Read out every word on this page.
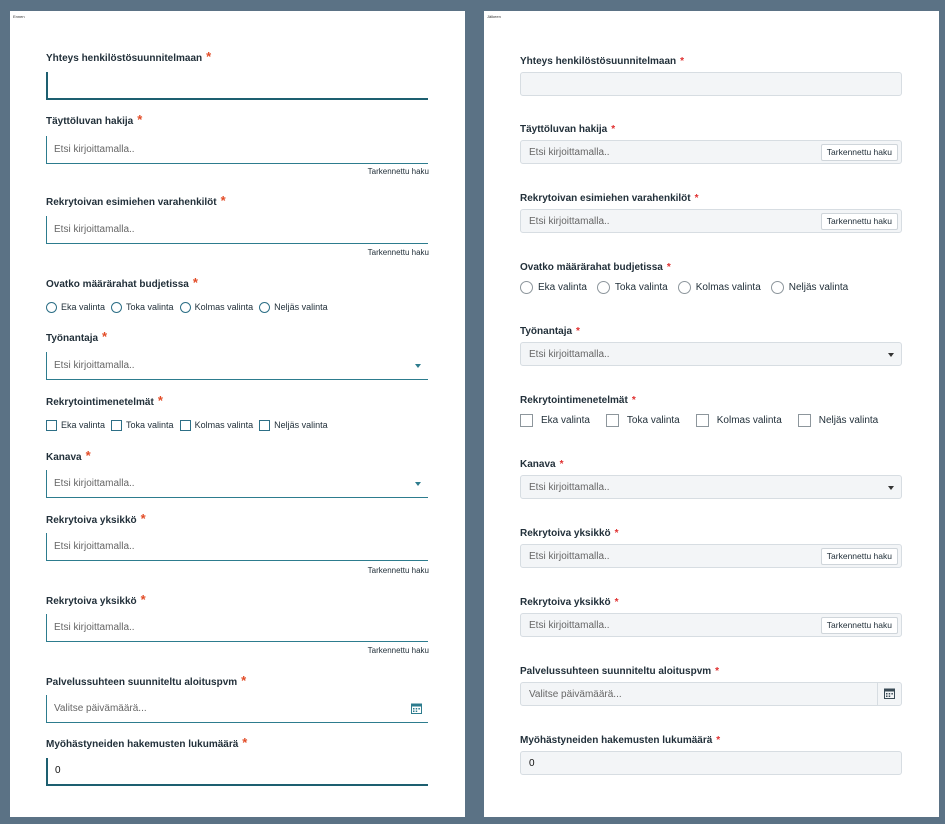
Ennen
Yhteys henkilöstösuunnitelmaan *
Täyttöluvan hakija *
Etsi kirjoittamalla..
Tarkennettu haku
Rekrytoivan esimiehen varahenkilöt *
Etsi kirjoittamalla..
Tarkennettu haku
Ovatko määrärahat budjetissa *
Eka valinta Toka valinta Kolmas valinta Neljäs valinta
Työnantaja *
Etsi kirjoittamalla..
Rekrytointimenetelmät *
Eka valinta Toka valinta Kolmas valinta Neljäs valinta
Kanava *
Etsi kirjoittamalla..
Rekrytoiva yksikkö *
Etsi kirjoittamalla..
Tarkennettu haku
Rekrytoiva yksikkö *
Etsi kirjoittamalla..
Tarkennettu haku
Palvelussuhteen suunniteltu aloituspvm *
Valitse päivämäärä...
Myöhästyneiden hakemusten lukumäärä *
0
Jälkeen
Yhteys henkilöstösuunnitelmaan *
Täyttöluvan hakija *
Etsi kirjoittamalla..	Tarkennettu haku
Rekrytoivan esimiehen varahenkilöt *
Etsi kirjoittamalla..	Tarkennettu haku
Ovatko määrärahat budjetissa *
Eka valinta	Toka valinta	Kolmas valinta	Neljäs valinta
Työnantaja *
Etsi kirjoittamalla..
Rekrytointimenetelmät *
Eka valinta	Toka valinta	Kolmas valinta	Neljäs valinta
Kanava *
Etsi kirjoittamalla..
Rekrytoiva yksikkö *
Etsi kirjoittamalla..	Tarkennettu haku
Rekrytoiva yksikkö *
Etsi kirjoittamalla..	Tarkennettu haku
Palvelussuhteen suunniteltu aloituspvm *
Valitse päivämäärä...
Myöhästyneiden hakemusten lukumäärä *
0
